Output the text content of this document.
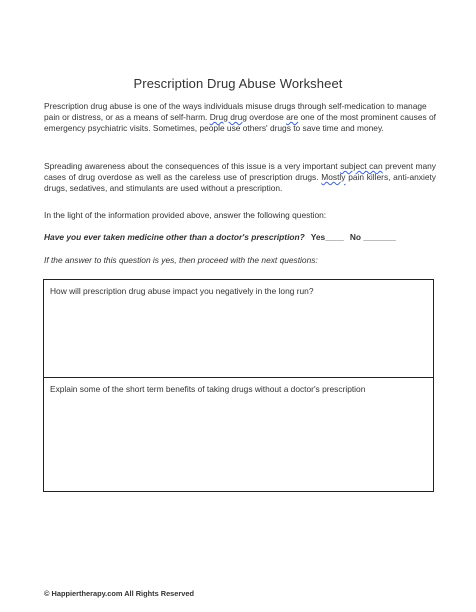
Prescription Drug Abuse Worksheet

Prescription drug abuse is one of the ways individuals misuse drugs through self-medication to manage pain or distress, or as a means of self-harm. Drug drug overdose are one of the most prominent causes of emergency psychiatric visits. Sometimes, people use others' drugs to save time and money.

Spreading awareness about the consequences of this issue is a very important subject can prevent many cases of drug overdose as well as the careless use of prescription drugs. Mostly pain killers, anti-anxiety drugs, sedatives, and stimulants are used without a prescription.

In the light of the information provided above, answer the following question:

Have you ever taken medicine other than a doctor's prescription? Yes____ No _______
If the answer to this question is yes, then proceed with the next questions:
How will prescription drug abuse impact you negatively in the long run?
Explain some of the short term benefits of taking drugs without a doctor's prescription
© Happiertherapy.com All Rights Reserved
